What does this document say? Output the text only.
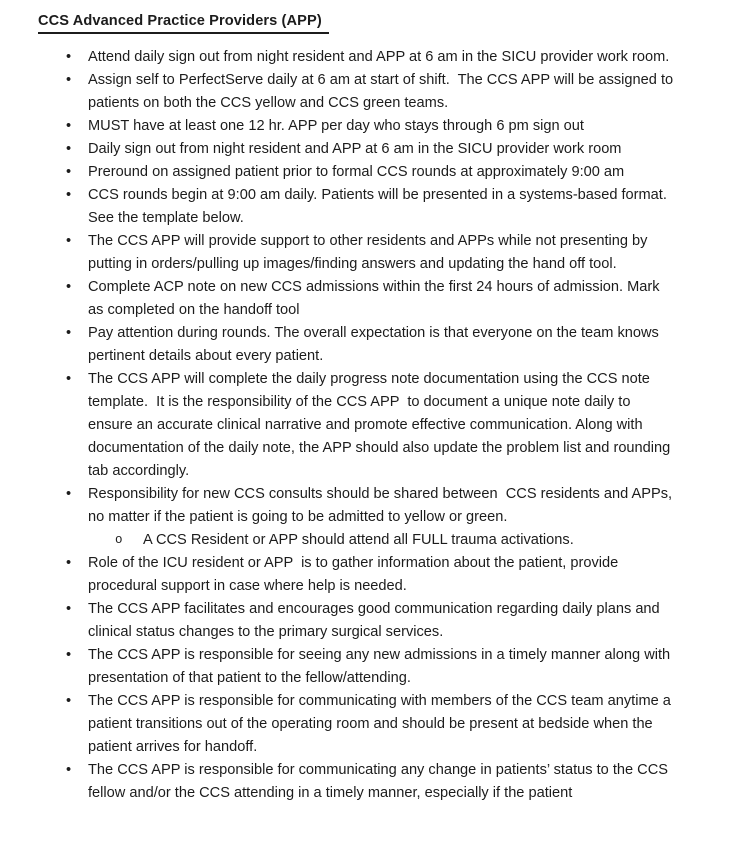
CCS Advanced Practice Providers (APP)
•	Attend daily sign out from night resident and APP at 6 am in the SICU provider work room.
•	Assign self to PerfectServe daily at 6 am at start of shift.  The CCS APP will be assigned to patients on both the CCS yellow and CCS green teams.
•	MUST have at least one 12 hr. APP per day who stays through 6 pm sign out
•	Daily sign out from night resident and APP at 6 am in the SICU provider work room
•	Preround on assigned patient prior to formal CCS rounds at approximately 9:00 am
•	CCS rounds begin at 9:00 am daily. Patients will be presented in a systems-based format.  See the template below.
•	The CCS APP will provide support to other residents and APPs while not presenting by putting in orders/pulling up images/finding answers and updating the hand off tool.
•	Complete ACP note on new CCS admissions within the first 24 hours of admission. Mark as completed on the handoff tool
•	Pay attention during rounds. The overall expectation is that everyone on the team knows pertinent details about every patient.
•	The CCS APP will complete the daily progress note documentation using the CCS note template.  It is the responsibility of the CCS APP  to document a unique note daily to ensure an accurate clinical narrative and promote effective communication. Along with documentation of the daily note, the APP should also update the problem list and rounding tab accordingly.
•	Responsibility for new CCS consults should be shared between  CCS residents and APPs, no matter if the patient is going to be admitted to yellow or green.
o	A CCS Resident or APP should attend all FULL trauma activations.
•	Role of the ICU resident or APP  is to gather information about the patient, provide procedural support in case where help is needed.
•	The CCS APP facilitates and encourages good communication regarding daily plans and clinical status changes to the primary surgical services.
•	The CCS APP is responsible for seeing any new admissions in a timely manner along with presentation of that patient to the fellow/attending.
•	The CCS APP is responsible for communicating with members of the CCS team anytime a patient transitions out of the operating room and should be present at bedside when the patient arrives for handoff.
•	The CCS APP is responsible for communicating any change in patients’ status to the CCS fellow and/or the CCS attending in a timely manner, especially if the patient
